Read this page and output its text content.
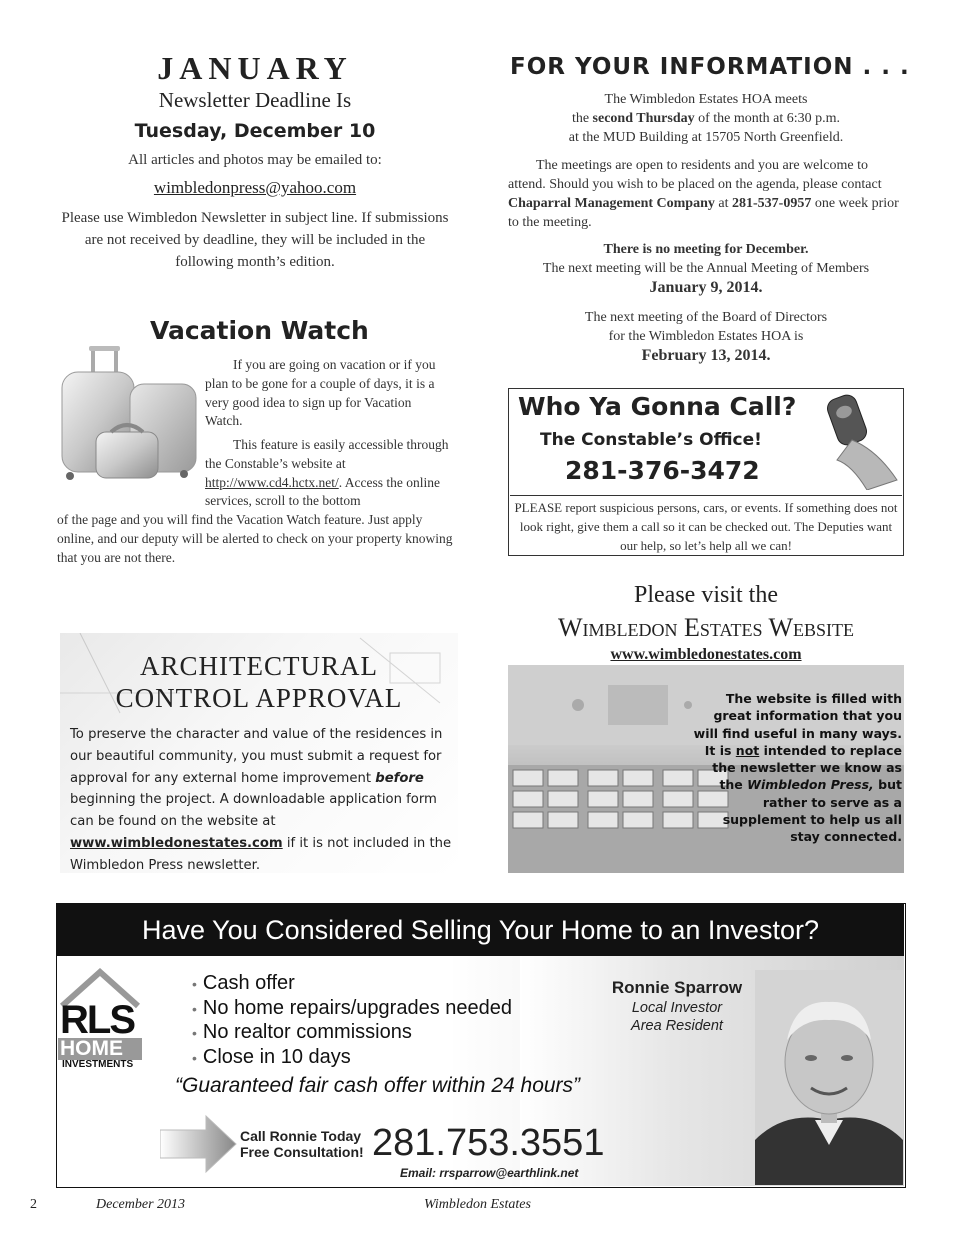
JANUARY
Newsletter Deadline Is
Tuesday, December 10
All articles and photos may be emailed to:
wimbledonpress@yahoo.com
Please use Wimbledon Newsletter in subject line. If submissions are not received by deadline, they will be included in the following month’s edition.
Vacation Watch
If you are going on vacation or if you plan to be gone for a couple of days, it is a very good idea to sign up for Vacation Watch.
This feature is easily accessible through the Constable’s website at http://www.cd4.hctx.net/. Access the online services, scroll to the bottom
of the page and you will find the Vacation Watch feature. Just apply online, and our deputy will be alerted to check on your property knowing that you are not there.
ARCHITECTURAL
CONTROL APPROVAL
To preserve the character and value of the residences in our beautiful community, you must submit a request for approval for any external home improvement before beginning the project. A downloadable application form can be found on the website at www.wimbledonestates.com if it is not included in the Wimbledon Press newsletter.
FOR YOUR INFORMATION . . .
The Wimbledon Estates HOA meets
the second Thursday of the month at 6:30 p.m.
at the MUD Building at 15705 North Greenfield.
The meetings are open to residents and you are welcome to attend. Should you wish to be placed on the agenda, please contact Chaparral Management Company at 281-537-0957 one week prior to the meeting.
There is no meeting for December.
The next meeting will be the Annual Meeting of Members
January 9, 2014.
The next meeting of the Board of Directors
for the Wimbledon Estates HOA is
February 13, 2014.
Who Ya Gonna Call?
The Constable’s Office!
281-376-3472
PLEASE report suspicious persons, cars, or events. If something does not look right, give them a call so it can be checked out. The Deputies want our help, so let’s help all we can!
Please visit the
Wimbledon Estates Website
www.wimbledonestates.com
The website is filled with great information that you will find useful in many ways. It is not intended to replace the newsletter we know as the Wimbledon Press, but rather to serve as a supplement to help us all stay connected.
Have You Considered Selling Your Home to an Investor?
RLS
HOME
INVESTMENTS
• Cash offer
• No home repairs/upgrades needed
• No realtor commissions
• Close in 10 days
“Guaranteed fair cash offer within 24 hours”
Call Ronnie Today
Free Consultation! 281.753.3551
Email: rrsparrow@earthlink.net
Ronnie Sparrow
Local Investor
Area Resident
2	December 2013	Wimbledon Estates
